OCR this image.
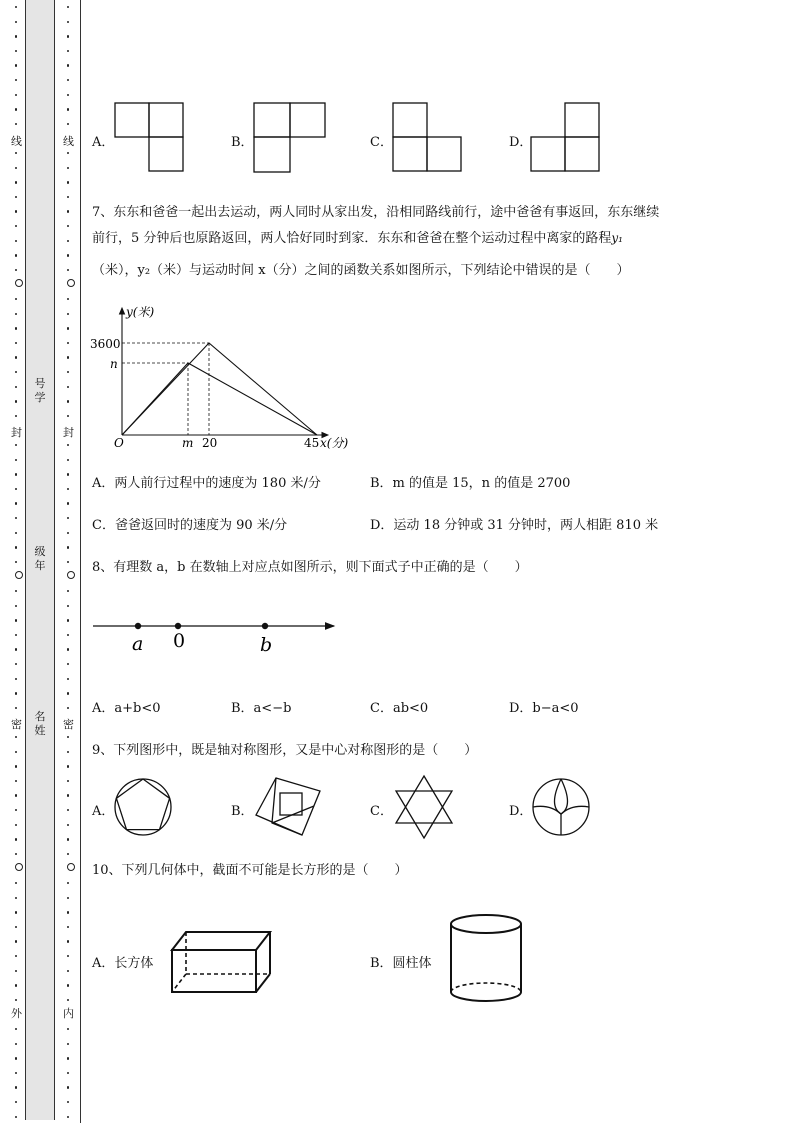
线
封
密
外
线
封
密
内
号
学
级
年
名
姓
A．	B．	C．	D．
7、东东和爸爸一起出去运动，两人同时从家出发，沿相同路线前行，途中爸爸有事返回，东东继续
前行，5 分钟后也原路返回，两人恰好同时到家．东东和爸爸在整个运动过程中离家的路程y₁
（米），y₂（米）与运动时间 x（分）之间的函数关系如图所示，下列结论中错误的是（　　）
y(米)
3600
n
O	m 20	45 x(分)
A．两人前行过程中的速度为 180 米/分	B．m 的值是 15，n 的值是 2700
C．爸爸返回时的速度为 90 米/分	D．运动 18 分钟或 31 分钟时，两人相距 810 米
8、有理数 a，b 在数轴上对应点如图所示，则下面式子中正确的是（　　）
a 0	b
A．a+b<0	B．a<−b	C．ab<0	D．b−a<0
9、下列图形中，既是轴对称图形，又是中心对称图形的是（　　）
A．	B．	C．	D．
10、下列几何体中，截面不可能是长方形的是（　　）
A．长方体	B．圆柱体
